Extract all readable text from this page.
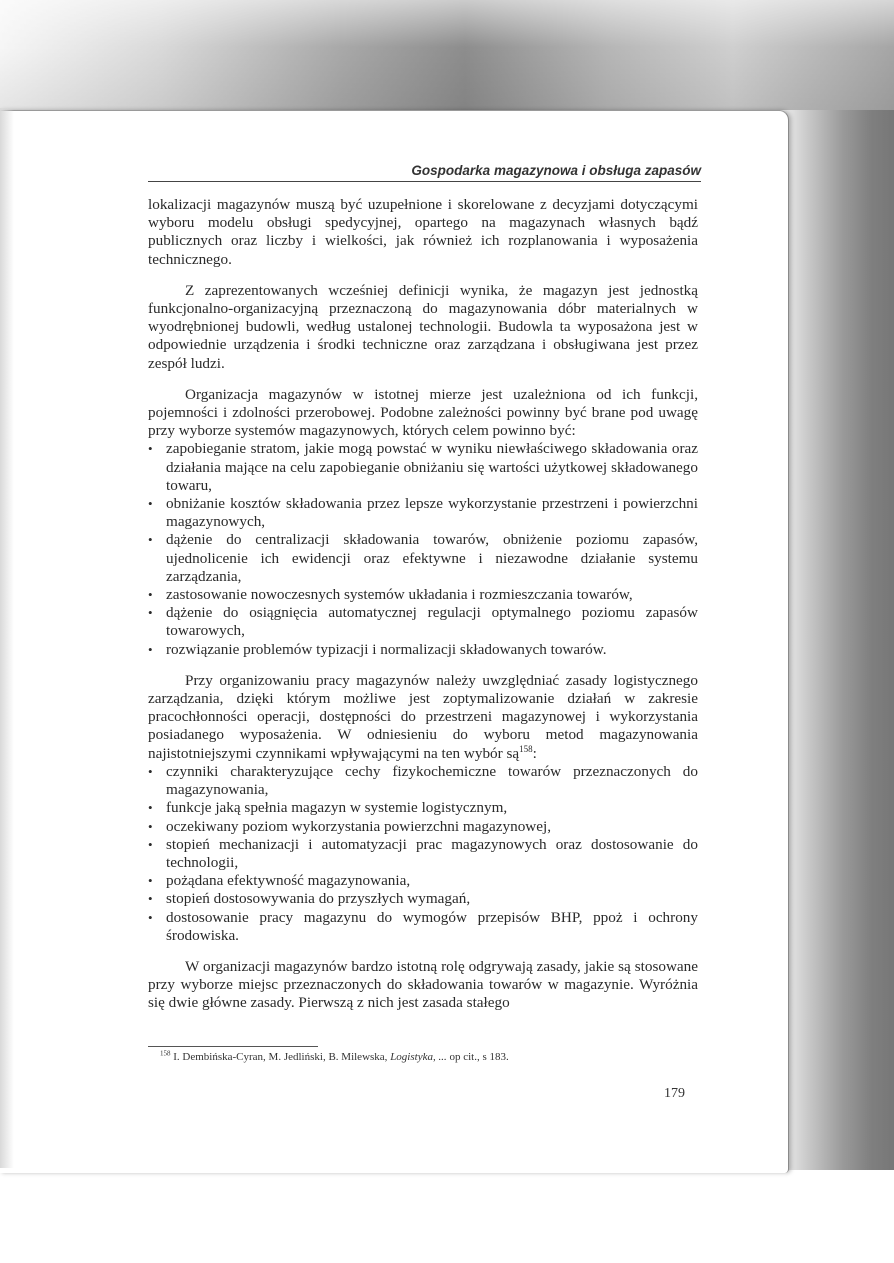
Gospodarka magazynowa i obsługa zapasów

lokalizacji magazynów muszą być uzupełnione i skorelowane z decyzjami dotyczącymi wyboru modelu obsługi spedycyjnej, opartego na magazynach własnych bądź publicznych oraz liczby i wielkości, jak również ich rozplanowania i wyposażenia technicznego.

Z zaprezentowanych wcześniej definicji wynika, że magazyn jest jednostką funkcjonalno-organizacyjną przeznaczoną do magazynowania dóbr materialnych w wyodrębnionej budowli, według ustalonej technologii. Budowla ta wyposażona jest w odpowiednie urządzenia i środki techniczne oraz zarządzana i obsługiwana jest przez zespół ludzi.

Organizacja magazynów w istotnej mierze jest uzależniona od ich funkcji, pojemności i zdolności przerobowej. Podobne zależności powinny być brane pod uwagę przy wyborze systemów magazynowych, których celem powinno być:

• zapobieganie stratom, jakie mogą powstać w wyniku niewłaściwego składowania oraz działania mające na celu zapobieganie obniżaniu się wartości użytkowej składowanego towaru,
• obniżanie kosztów składowania przez lepsze wykorzystanie przestrzeni i powierzchni magazynowych,
• dążenie do centralizacji składowania towarów, obniżenie poziomu zapasów, ujednolicenie ich ewidencji oraz efektywne i niezawodne działanie systemu zarządzania,
• zastosowanie nowoczesnych systemów układania i rozmieszczania towarów,
• dążenie do osiągnięcia automatycznej regulacji optymalnego poziomu zapasów towarowych,
• rozwiązanie problemów typizacji i normalizacji składowanych towarów.

Przy organizowaniu pracy magazynów należy uwzględniać zasady logistycznego zarządzania, dzięki którym możliwe jest zoptymalizowanie działań w zakresie pracochłonności operacji, dostępności do przestrzeni magazynowej i wykorzystania posiadanego wyposażenia. W odniesieniu do wyboru metod magazynowania najistotniejszymi czynnikami wpływającymi na ten wybór $są^{158}$:

• czynniki charakteryzujące cechy fizykochemiczne towarów przeznaczonych do magazynowania,
• funkcje jaką spełnia magazyn w systemie logistycznym,
• oczekiwany poziom wykorzystania powierzchni magazynowej,
• stopień mechanizacji i automatyzacji prac magazynowych oraz dostosowanie do technologii,
• pożądana efektywność magazynowania,
• stopień dostosowywania do przyszłych wymagań,
• dostosowanie pracy magazynu do wymogów przepisów BHP, ppoż i ochrony środowiska.

W organizacji magazynów bardzo istotną rolę odgrywają zasady, jakie są stosowane przy wyborze miejsc przeznaczonych do składowania towarów w magazynie. Wyróżnia się dwie główne zasady. Pierwszą z nich jest zasada stałego

$^{158}$ I. Dembińska-Cyran, M. Jedliński, B. Milewska, Logistyka, ... op cit., s 183.
179
